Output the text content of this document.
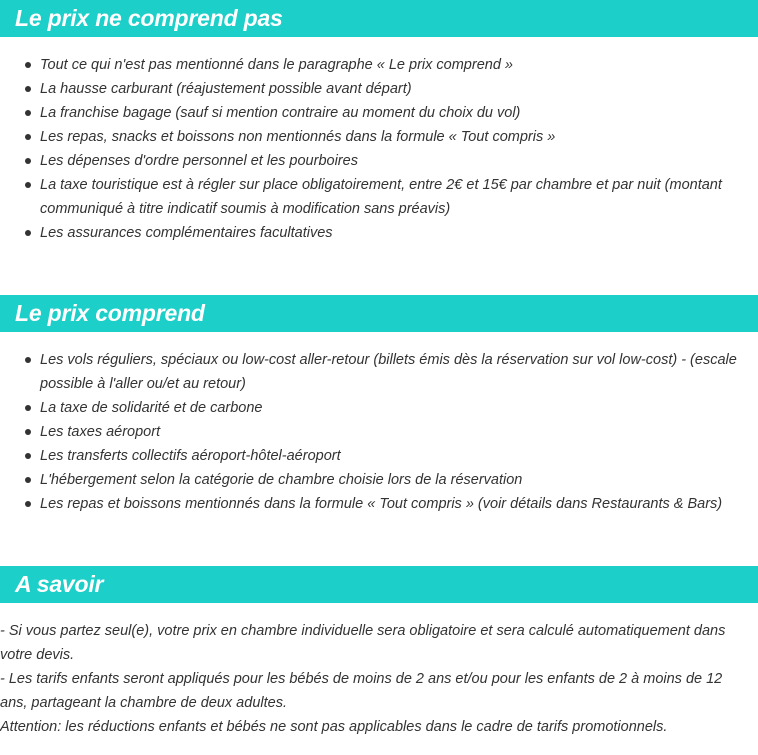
Le prix ne comprend pas
Tout ce qui n'est pas mentionné dans le paragraphe « Le prix comprend »
La hausse carburant (réajustement possible avant départ)
La franchise bagage (sauf si mention contraire au moment du choix du vol)
Les repas, snacks et boissons non mentionnés dans la formule « Tout compris »
Les dépenses d'ordre personnel et les pourboires
La taxe touristique est à régler sur place obligatoirement, entre 2€ et 15€ par chambre et par nuit (montant communiqué à titre indicatif soumis à modification sans préavis)
Les assurances complémentaires facultatives
Le prix comprend
Les vols réguliers, spéciaux ou low-cost aller-retour (billets émis dès la réservation sur vol low-cost) - (escale possible à l'aller ou/et au retour)
La taxe de solidarité et de carbone
Les taxes aéroport
Les transferts collectifs aéroport-hôtel-aéroport
L'hébergement selon la catégorie de chambre choisie lors de la réservation
Les repas et boissons mentionnés dans la formule « Tout compris » (voir détails dans Restaurants & Bars)
A savoir

- Si vous partez seul(e), votre prix en chambre individuelle sera obligatoire et sera calculé automatiquement dans votre devis.

- Les tarifs enfants seront appliqués pour les bébés de moins de 2 ans et/ou pour les enfants de 2 à moins de 12 ans, partageant la chambre de deux adultes.

Attention: les réductions enfants et bébés ne sont pas applicables dans le cadre de tarifs promotionnels.
